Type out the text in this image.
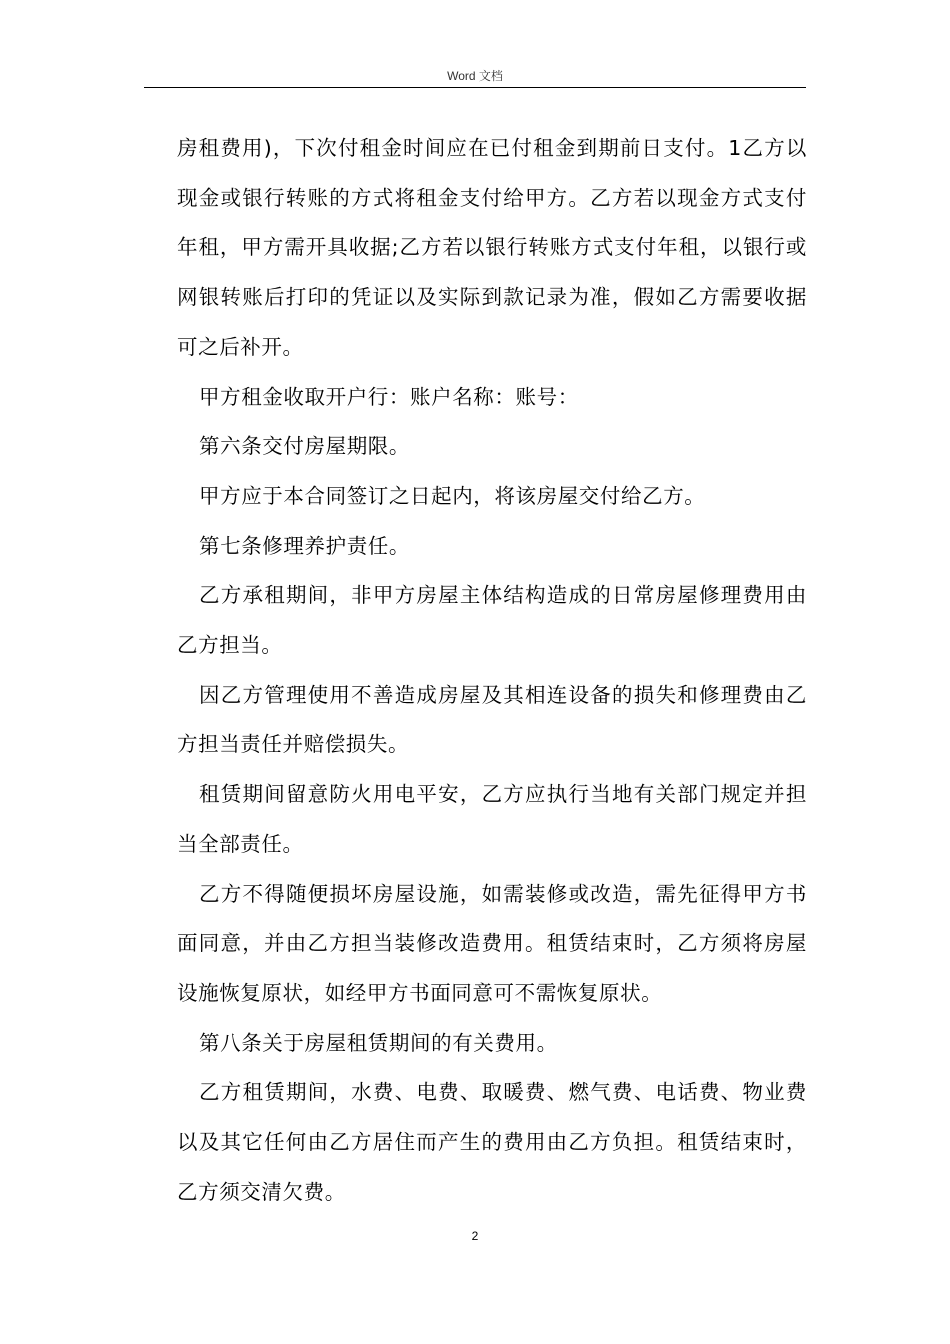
Word 文档

房租费用)，下次付租金时间应在已付租金到期前日支付。1乙方以现金或银行转账的方式将租金支付给甲方。乙方若以现金方式支付年租，甲方需开具收据;乙方若以银行转账方式支付年租，以银行或网银转账后打印的凭证以及实际到款记录为准，假如乙方需要收据可之后补开。

甲方租金收取开户行：账户名称：账号：

第六条交付房屋期限。

甲方应于本合同签订之日起内，将该房屋交付给乙方。

第七条修理养护责任。

乙方承租期间，非甲方房屋主体结构造成的日常房屋修理费用由乙方担当。

因乙方管理使用不善造成房屋及其相连设备的损失和修理费由乙方担当责任并赔偿损失。

租赁期间留意防火用电平安，乙方应执行当地有关部门规定并担当全部责任。

乙方不得随便损坏房屋设施，如需装修或改造，需先征得甲方书面同意，并由乙方担当装修改造费用。租赁结束时，乙方须将房屋设施恢复原状，如经甲方书面同意可不需恢复原状。

第八条关于房屋租赁期间的有关费用。

乙方租赁期间，水费、电费、取暖费、燃气费、电话费、物业费以及其它任何由乙方居住而产生的费用由乙方负担。租赁结束时，乙方须交清欠费。

2
